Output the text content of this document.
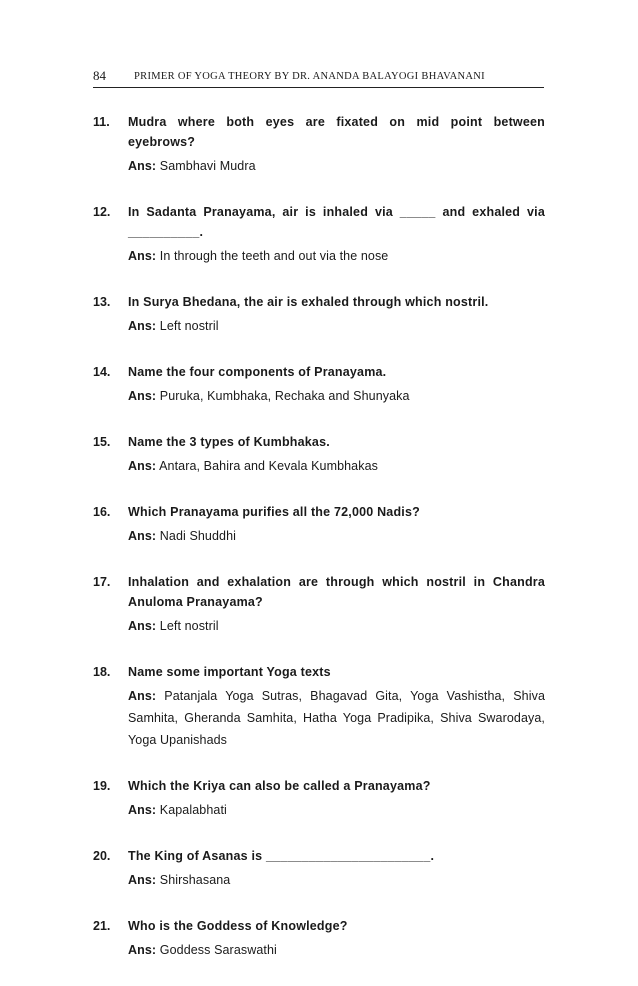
84	PRIMER OF YOGA THEORY BY DR. ANANDA BALAYOGI BHAVANANI
11. Mudra where both eyes are fixated on mid point between eyebrows?
Ans: Sambhavi Mudra
12. In Sadanta Pranayama, air is inhaled via _____ and exhaled via __________.
Ans: In through the teeth and out via the nose
13. In Surya Bhedana, the air is exhaled through which nostril.
Ans: Left nostril
14. Name the four components of Pranayama.
Ans: Puruka, Kumbhaka, Rechaka and Shunyaka
15. Name the 3 types of Kumbhakas.
Ans: Antara, Bahira and Kevala Kumbhakas
16. Which Pranayama purifies all the 72,000 Nadis?
Ans: Nadi Shuddhi
17. Inhalation and exhalation are through which nostril in Chandra Anuloma Pranayama?
Ans: Left nostril
18. Name some important Yoga texts
Ans: Patanjala Yoga Sutras, Bhagavad Gita, Yoga Vashistha, Shiva Samhita, Gheranda Samhita, Hatha Yoga Pradipika, Shiva Swarodaya, Yoga Upanishads
19. Which the Kriya can also be called a Pranayama?
Ans: Kapalabhati
20. The King of Asanas is _______________________.
Ans: Shirshasana
21. Who is the Goddess of Knowledge?
Ans: Goddess Saraswathi
